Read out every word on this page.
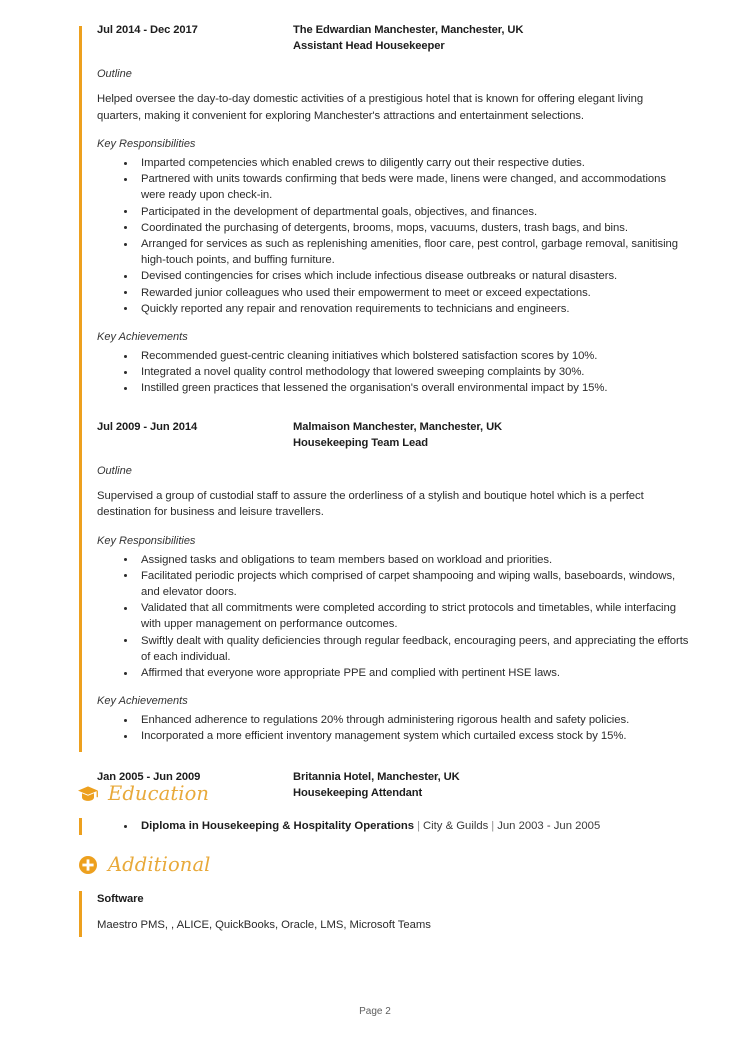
Jul 2014 - Dec 2017	The Edwardian Manchester, Manchester, UK
Assistant Head Housekeeper
Outline
Helped oversee the day-to-day domestic activities of a prestigious hotel that is known for offering elegant living quarters, making it convenient for exploring Manchester's attractions and entertainment selections.
Key Responsibilities
Imparted competencies which enabled crews to diligently carry out their respective duties.
Partnered with units towards confirming that beds were made, linens were changed, and accommodations were ready upon check-in.
Participated in the development of departmental goals, objectives, and finances.
Coordinated the purchasing of detergents, brooms, mops, vacuums, dusters, trash bags, and bins.
Arranged for services as such as replenishing amenities, floor care, pest control, garbage removal, sanitising high-touch points, and buffing furniture.
Devised contingencies for crises which include infectious disease outbreaks or natural disasters.
Rewarded junior colleagues who used their empowerment to meet or exceed expectations.
Quickly reported any repair and renovation requirements to technicians and engineers.
Key Achievements
Recommended guest-centric cleaning initiatives which bolstered satisfaction scores by 10%.
Integrated a novel quality control methodology that lowered sweeping complaints by 30%.
Instilled green practices that lessened the organisation's overall environmental impact by 15%.
Jul 2009 - Jun 2014	Malmaison Manchester, Manchester, UK
Housekeeping Team Lead
Outline
Supervised a group of custodial staff to assure the orderliness of a stylish and boutique hotel which is a perfect destination for business and leisure travellers.
Key Responsibilities
Assigned tasks and obligations to team members based on workload and priorities.
Facilitated periodic projects which comprised of carpet shampooing and wiping walls, baseboards, windows, and elevator doors.
Validated that all commitments were completed according to strict protocols and timetables, while interfacing with upper management on performance outcomes.
Swiftly dealt with quality deficiencies through regular feedback, encouraging peers, and appreciating the efforts of each individual.
Affirmed that everyone wore appropriate PPE and complied with pertinent HSE laws.
Key Achievements
Enhanced adherence to regulations 20% through administering rigorous health and safety policies.
Incorporated a more efficient inventory management system which curtailed excess stock by 15%.
Jan 2005 - Jun 2009	Britannia Hotel, Manchester, UK
Housekeeping Attendant
Education
Diploma in Housekeeping & Hospitality Operations | City & Guilds | Jun 2003 - Jun 2005
Additional
Software
Maestro PMS, , ALICE, QuickBooks, Oracle, LMS, Microsoft Teams
Page 2
